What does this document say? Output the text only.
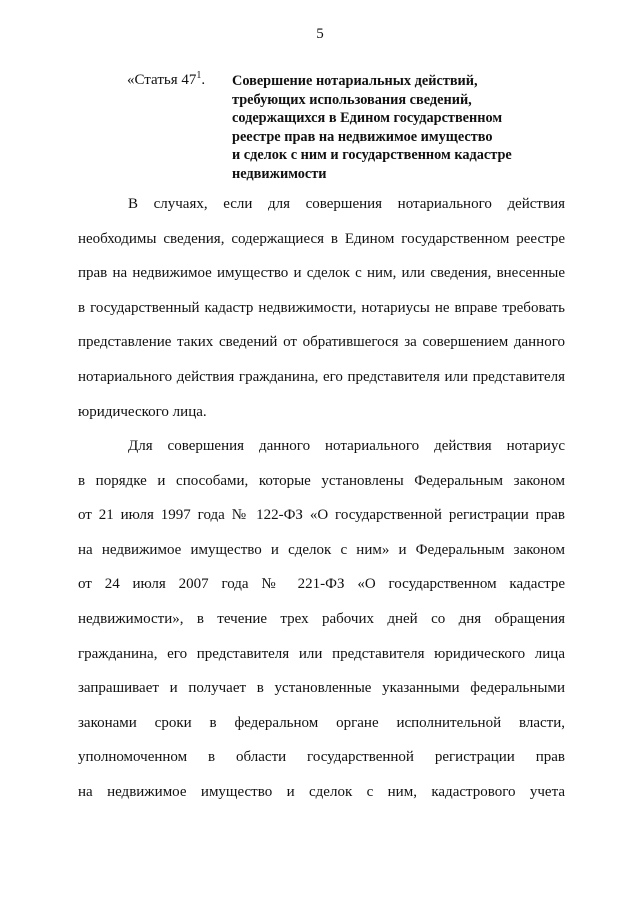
5
«Статья $47^1$.	Совершение нотариальных действий,
требующих использования сведений,
содержащихся в Едином государственном
реестре прав на недвижимое имущество
и сделок с ним и государственном кадастре
недвижимости
В случаях, если для совершения нотариального действия
необходимы сведения, содержащиеся в Едином государственном реестре
прав на недвижимое имущество и сделок с ним, или сведения, внесенные
в государственный кадастр недвижимости, нотариусы не вправе требовать
представление таких сведений от обратившегося за совершением данного
нотариального действия гражданина, его представителя или представителя
юридического лица.
Для совершения данного нотариального действия нотариус
в порядке и способами, которые установлены Федеральным законом
от 21 июля 1997 года № 122-ФЗ «О государственной регистрации прав
на недвижимое имущество и сделок с ним» и Федеральным законом
от 24 июля 2007 года № 221-ФЗ «О государственном кадастре
недвижимости», в течение трех рабочих дней со дня обращения
гражданина, его представителя или представителя юридического лица
запрашивает и получает в установленные указанными федеральными
законами сроки в федеральном органе исполнительной власти,
уполномоченном в области государственной регистрации прав
на недвижимое имущество и сделок с ним, кадастрового учета
